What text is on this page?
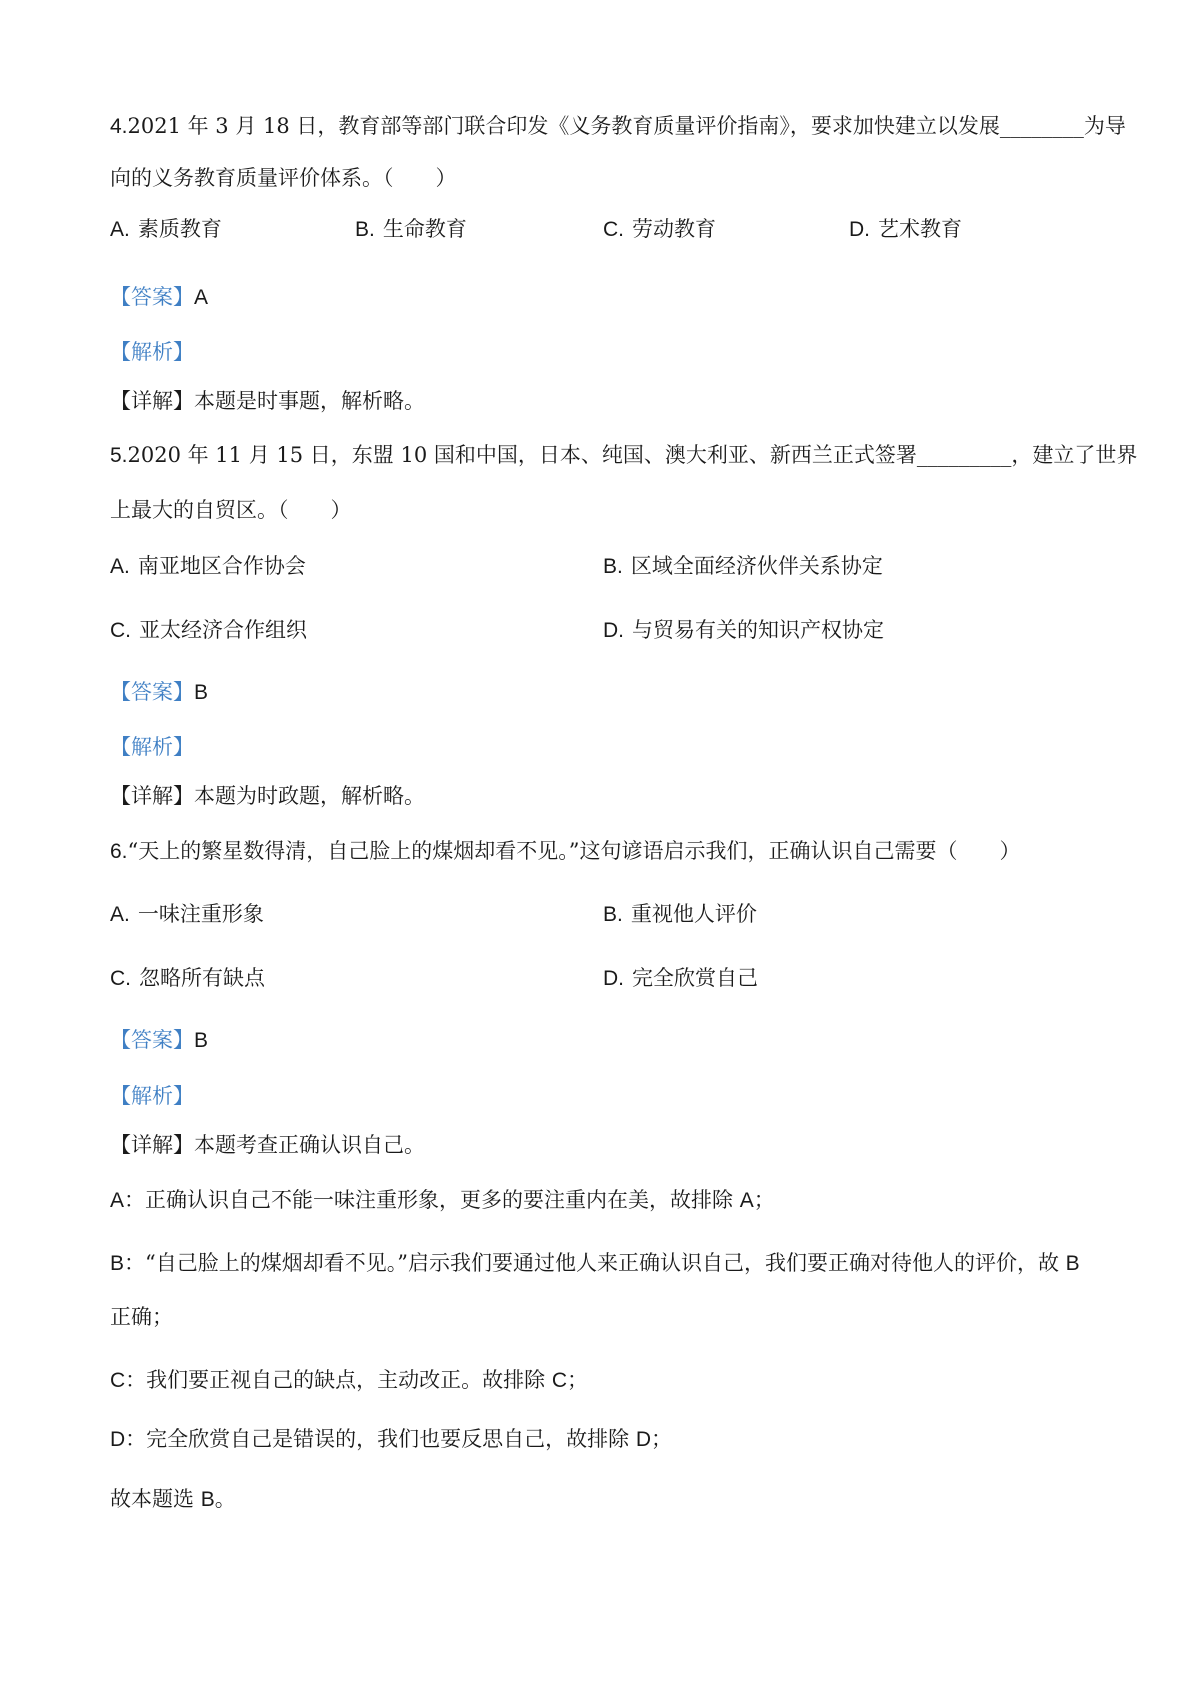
4.2021 年 3 月 18 日，教育部等部门联合印发《义务教育质量评价指南》，要求加快建立以发展________为导
向的义务教育质量评价体系。（　　）
A. 素质教育	B. 生命教育	C. 劳动教育	D. 艺术教育
【答案】A
【解析】
【详解】本题是时事题，解析略。
5.2020 年 11 月 15 日，东盟 10 国和中国，日本、纯国、澳大利亚、新西兰正式签署_________，建立了世界
上最大的自贸区。（　　）
A. 南亚地区合作协会	B. 区域全面经济伙伴关系协定
C. 亚太经济合作组织	D. 与贸易有关的知识产权协定
【答案】B
【解析】
【详解】本题为时政题，解析略。
6.“天上的繁星数得清，自己脸上的煤烟却看不见。”这句谚语启示我们，正确认识自己需要（　　）
A. 一味注重形象	B. 重视他人评价
C. 忽略所有缺点	D. 完全欣赏自己
【答案】B
【解析】
【详解】本题考查正确认识自己。
A：正确认识自己不能一味注重形象，更多的要注重内在美，故排除 A；
B：“自己脸上的煤烟却看不见。”启示我们要通过他人来正确认识自己，我们要正确对待他人的评价，故 B
正确；
C：我们要正视自己的缺点，主动改正。故排除 C；
D：完全欣赏自己是错误的，我们也要反思自己，故排除 D；
故本题选 B。
